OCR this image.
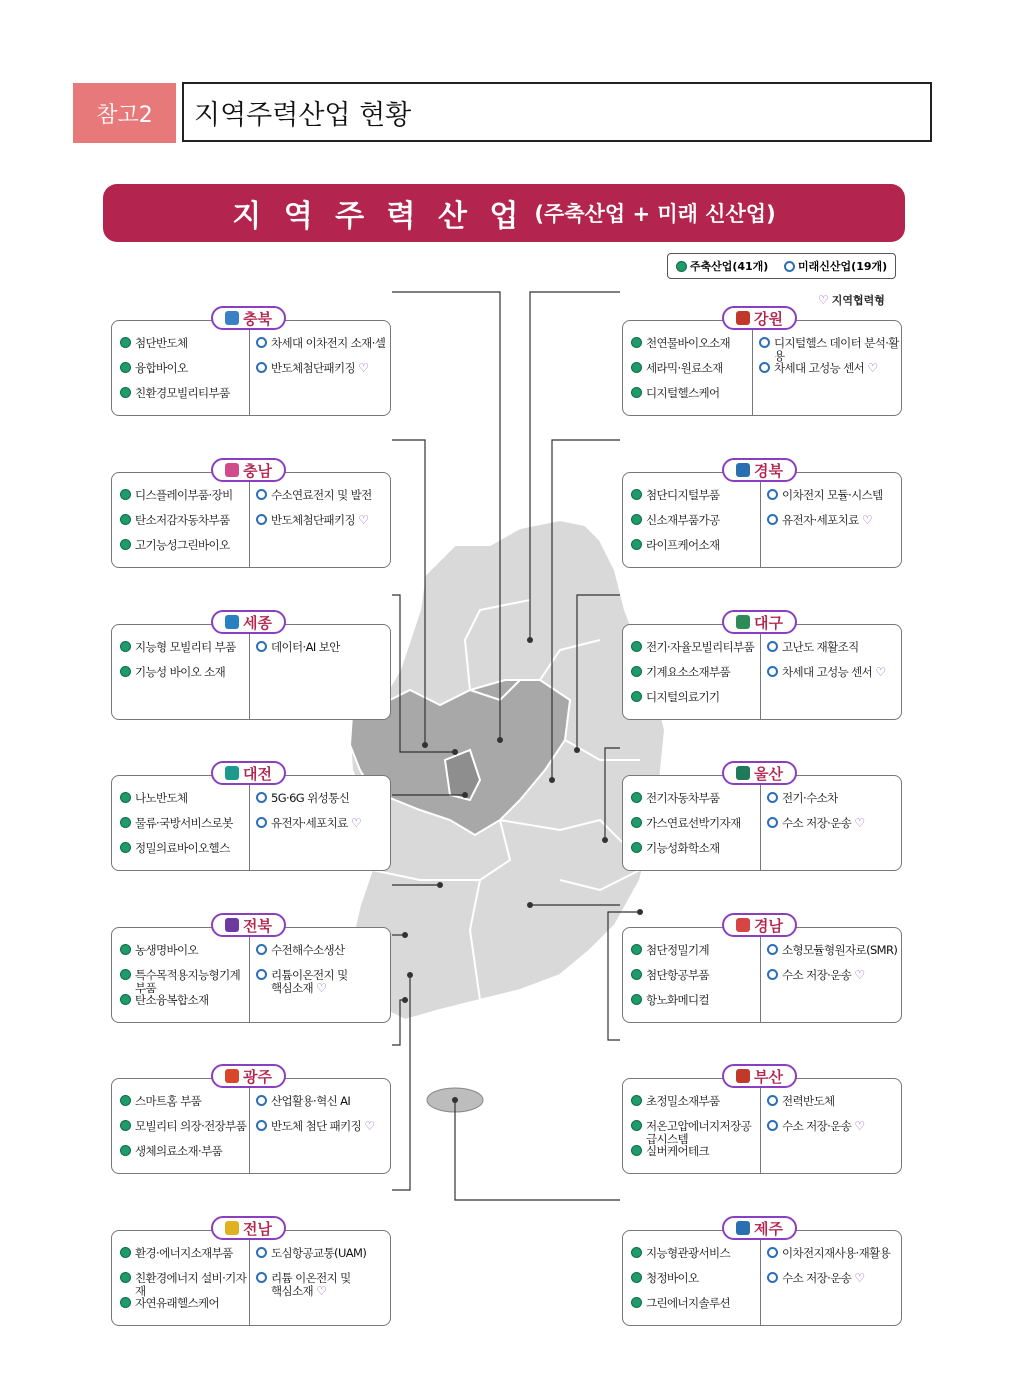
참고2	지역주력산업 현황
지 역 주 력 산 업 (주축산업 + 미래 신산업)
주축산업(41개)	미래신산업(19개)
♡ 지역협력형
첨단반도체
융합바이오
친환경모빌리티부품
차세대 이차전지 소재·셀
반도체첨단패키징 ♡
충북
디스플레이부품·장비
탄소저감자동차부품
고기능성그린바이오
수소연료전지 및 발전
반도체첨단패키징 ♡
충남
지능형 모빌리티 부품
기능성 바이오 소재
데이터·AI 보안
세종
나노반도체
물류·국방서비스로봇
정밀의료바이오헬스
5G·6G 위성통신
유전자·세포치료 ♡
대전
농생명바이오
특수목적용지능형기계부품
탄소융복합소재
수전해수소생산
리튬이온전지 및
핵심소재 ♡
전북
스마트홈 부품
모빌리티 의장·전장부품
생체의료소재·부품
산업활용·혁신 AI
반도체 첨단 패키징 ♡
광주
환경·에너지소재부품
친환경에너지 설비·기자재
자연유래헬스케어
도심항공교통(UAM)
리튬 이온전지 및
핵심소재 ♡
전남
천연물바이오소재
세라믹·원료소재
디지털헬스케어
디지털헬스 데이터 분석·활용
차세대 고성능 센서 ♡
강원
첨단디지털부품
신소재부품가공
라이프케어소재
이차전지 모듈·시스템
유전자·세포치료 ♡
경북
전기·자율모빌리티부품
기계요소소재부품
디지털의료기기
고난도 재활조직
차세대 고성능 센서 ♡
대구
전기자동차부품
가스연료선박기자재
기능성화학소재
전기·수소차
수소 저장·운송 ♡
울산
첨단정밀기계
첨단항공부품
항노화메디컬
소형모듈형원자로(SMR)
수소 저장·운송 ♡
경남
초정밀소재부품
저온고압에너지저장공급시스템
실버케어테크
전력반도체
수소 저장·운송 ♡
부산
지능형관광서비스
청정바이오
그린에너지솔루션
이차전지재사용·재활용
수소 저장·운송 ♡
제주
